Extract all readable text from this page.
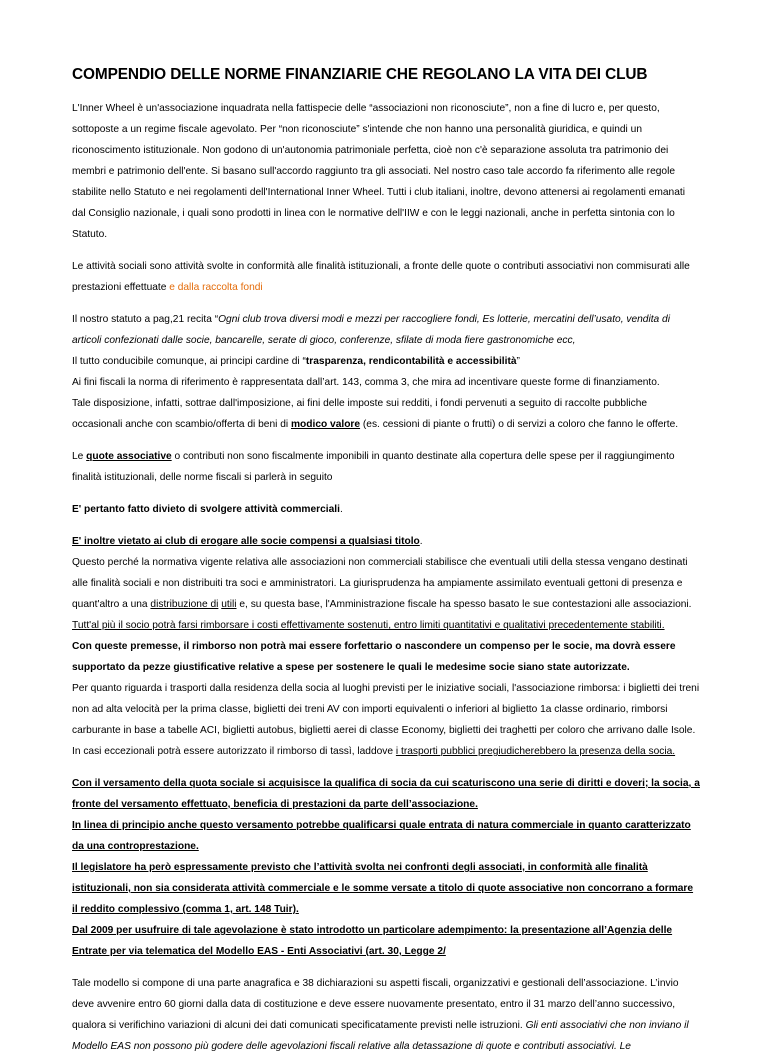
COMPENDIO DELLE NORME FINANZIARIE CHE REGOLANO LA VITA DEI CLUB

L'Inner Wheel è un'associazione inquadrata nella fattispecie delle “associazioni non riconosciute”, non a fine di lucro e, per questo, sottoposte a un regime fiscale agevolato. Per “non riconosciute” s'intende che non hanno una personalità giuridica, e quindi un riconoscimento istituzionale. Non godono di un'autonomia patrimoniale perfetta, cioè non c'è separazione assoluta tra patrimonio dei membri e patrimonio dell'ente. Si basano sull'accordo raggiunto tra gli associati. Nel nostro caso tale accordo fa riferimento alle regole stabilite nello Statuto e nei regolamenti dell'International Inner Wheel. Tutti i club italiani, inoltre, devono attenersi ai regolamenti emanati dal Consiglio nazionale, i quali sono prodotti in linea con le normative dell'IIW e con le leggi nazionali, anche in perfetta sintonia con lo Statuto.

Le attività sociali sono attività svolte in conformità alle finalità istituzionali, a fronte delle quote o contributi associativi non commisurati alle prestazioni effettuate e dalla raccolta fondi

Il nostro statuto a pag,21 recita “Ogni club trova diversi modi e mezzi per raccogliere fondi, Es lotterie, mercatini dell’usato, vendita di articoli confezionati dalle socie, bancarelle, serate di gioco, conferenze, sfilate di moda fiere gastronomiche ecc,
Il tutto conducibile comunque, ai principi cardine di “trasparenza, rendicontabilità e accessibilità”
Ai fini fiscali la norma di riferimento è rappresentata dall’art. 143, comma 3, che mira ad incentivare queste forme di finanziamento.
Tale disposizione, infatti, sottrae dall'imposizione, ai fini delle imposte sui redditi, i fondi pervenuti a seguito di raccolte pubbliche occasionali anche con scambio/offerta di beni di modico valore (es. cessioni di piante o frutti) o di servizi a coloro che fanno le offerte.

Le quote associative o contributi non sono fiscalmente imponibili in quanto destinate alla copertura delle spese per il raggiungimento finalità istituzionali, delle norme fiscali si parlerà in seguito

E' pertanto fatto divieto di svolgere attività commerciali.

E' inoltre vietato ai club di erogare alle socie compensi a qualsiasi titolo.
Questo perché la normativa vigente relativa alle associazioni non commerciali stabilisce che eventuali utili della stessa vengano destinati alle finalità sociali e non distribuiti tra soci e amministratori. La giurisprudenza ha ampiamente assimilato eventuali gettoni di presenza e quant'altro a una distribuzione di utili e, su questa base, l'Amministrazione fiscale ha spesso basato le sue contestazioni alle associazioni.
Tutt'al più il socio potrà farsi rimborsare i costi effettivamente sostenuti, entro limiti quantitativi e qualitativi precedentemente stabiliti.
Con queste premesse, il rimborso non potrà mai essere forfettario o nascondere un compenso per le socie, ma dovrà essere supportato da pezze giustificative relative a spese per sostenere le quali le medesime socie siano state autorizzate.
Per quanto riguarda i trasporti dalla residenza della socia al luoghi previsti per le iniziative sociali, l'associazione rimborsa: i biglietti dei treni non ad alta velocità per la prima classe, biglietti dei treni AV con importi equivalenti o inferiori al biglietto 1a classe ordinario, rimborsi carburante in base a tabelle ACI, biglietti autobus, biglietti aerei di classe Economy, biglietti dei traghetti per coloro che arrivano dalle Isole. In casi eccezionali potrà essere autorizzato il rimborso di tassì, laddove i trasporti pubblici pregiudicherebbero la presenza della socia.

Con il versamento della quota sociale si acquisisce la qualifica di socia da cui scaturiscono una serie di diritti e doveri; la socia, a fronte del versamento effettuato, beneficia di prestazioni da parte dell’associazione.
In linea di principio anche questo versamento potrebbe qualificarsi quale entrata di natura commerciale in quanto caratterizzato da una controprestazione.
Il legislatore ha però espressamente previsto che l’attività svolta nei confronti degli associati, in conformità alle finalità istituzionali, non sia considerata attività commerciale e le somme versate a titolo di quote associative non concorrano a formare il reddito complessivo (comma 1, art. 148 Tuir).
Dal 2009 per usufruire di tale agevolazione è stato introdotto un particolare adempimento: la presentazione all’Agenzia delle Entrate per via telematica del Modello EAS - Enti Associativi (art. 30, Legge 2/

Tale modello si compone di una parte anagrafica e 38 dichiarazioni su aspetti fiscali, organizzativi e gestionali dell’associazione. L’invio deve avvenire entro 60 giorni dalla data di costituzione e deve essere nuovamente presentato, entro il 31 marzo dell’anno successivo, qualora si verifichino variazioni di alcuni dei dati comunicati specificatamente previsti nelle istruzioni. Gli enti associativi che non inviano il Modello EAS non possono più godere delle agevolazioni fiscali relative alla detassazione di quote e contributi associativi. Le
